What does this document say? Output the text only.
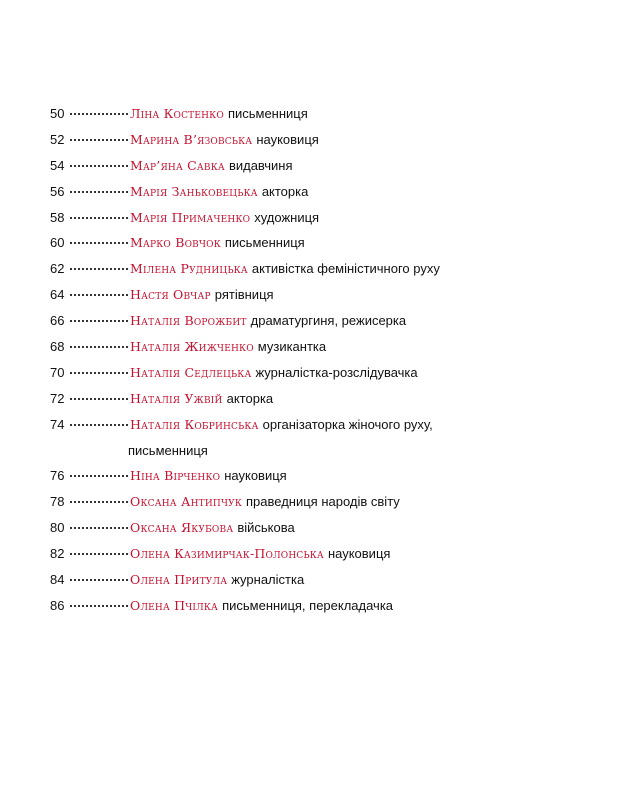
50	Ліна Костенко письменниця
52	Марина В’язовська науковиця
54	Мар’яна Савка видавчиня
56	Марія Заньковецька акторка
58	Марія Примаченко художниця
60	Марко Вовчок письменниця
62	Мілена Рудницька активістка феміністичного руху
64	Настя Овчар рятівниця
66	Наталія Ворожбит драматургиня, режисерка
68	Наталія Жижченко музикантка
70	Наталія Седлецька журналістка-розслідувачка
72	Наталія Ужвій акторка
74	Наталія Кобринська організаторка жіночого руху,
письменниця
76	Ніна Вірченко науковиця
78	Оксана Антипчук праведниця народів світу
80	Оксана Якубова військова
82	Олена Казимирчак-Полонська науковиця
84	Олена Притула журналістка
86	Олена Пчілка письменниця, перекладачка
